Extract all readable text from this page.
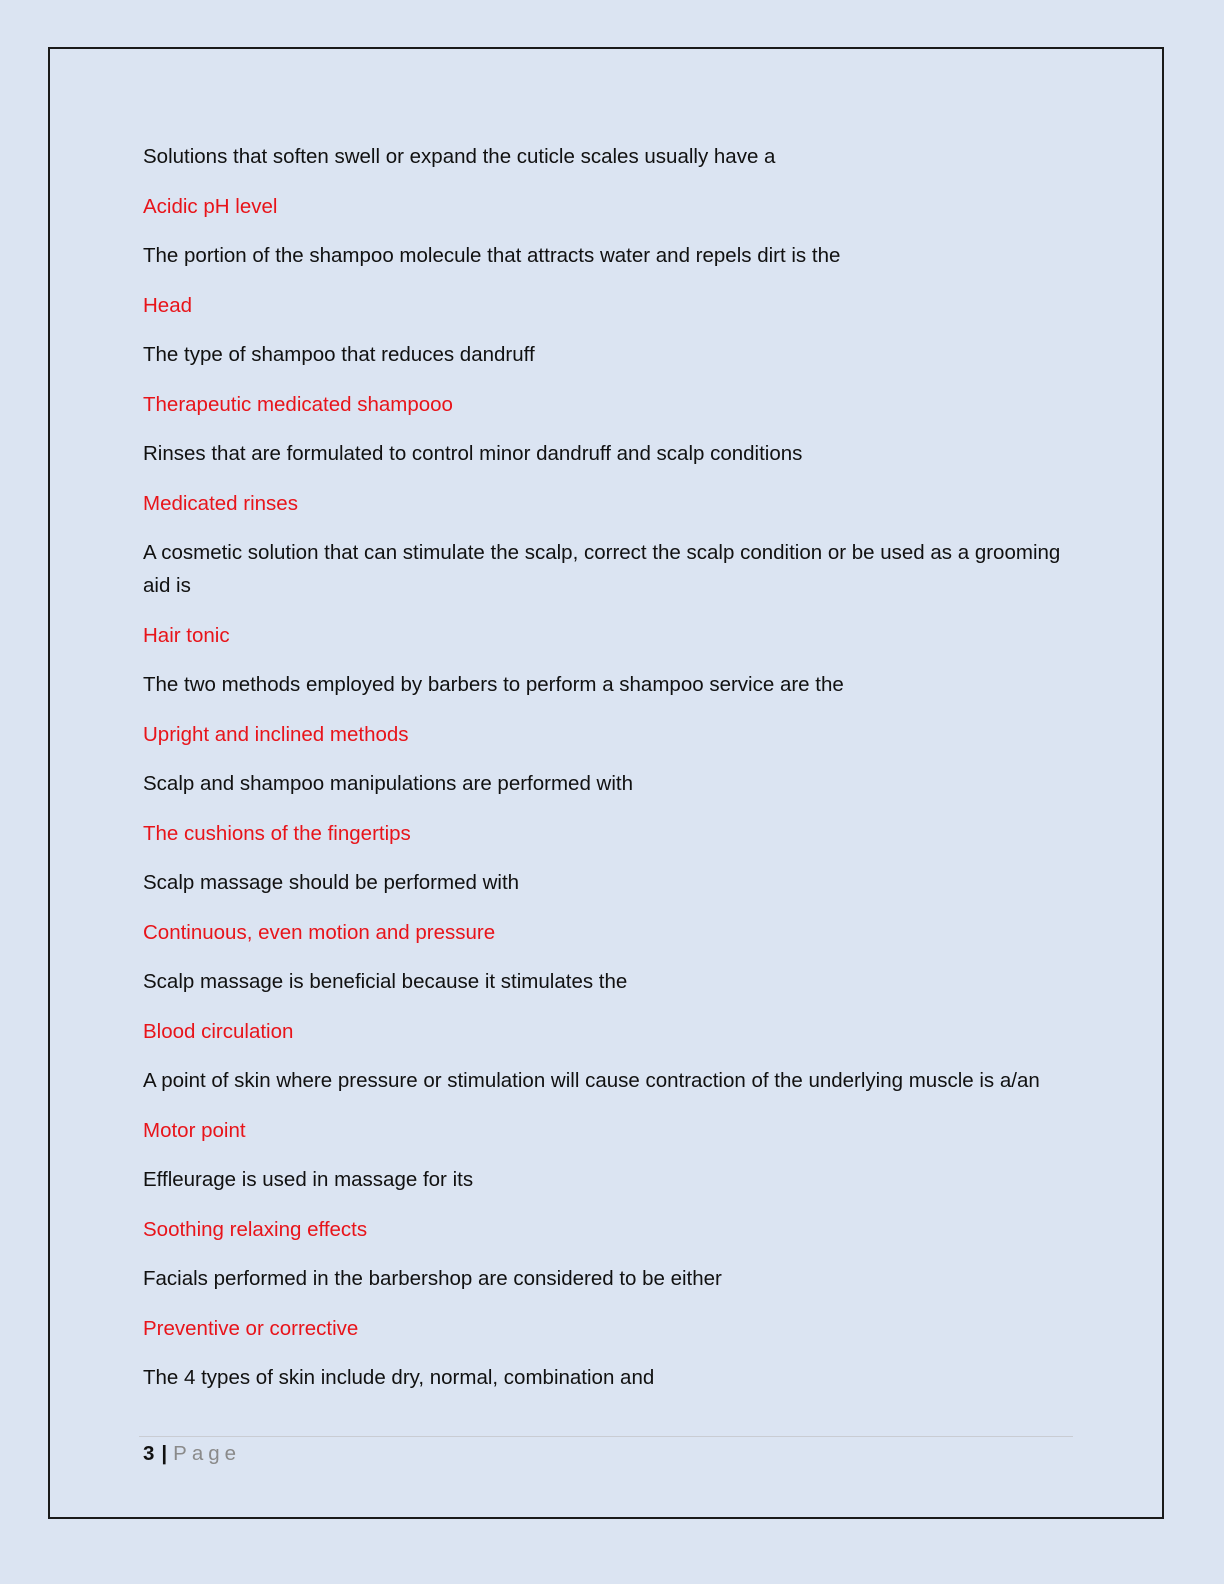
Solutions that soften swell or expand the cuticle scales usually have a

Acidic pH level

The portion of the shampoo molecule that attracts water and repels dirt is the

Head

The type of shampoo that reduces dandruff

Therapeutic medicated shampooo

Rinses that are formulated to control minor dandruff and scalp conditions

Medicated rinses

A cosmetic solution that can stimulate the scalp, correct the scalp condition or be used as a grooming aid is

Hair tonic

The two methods employed by barbers to perform a shampoo service are the

Upright and inclined methods

Scalp and shampoo manipulations are performed with

The cushions of the fingertips

Scalp massage should be performed with

Continuous, even motion and pressure

Scalp massage is beneficial because it stimulates the

Blood circulation

A point of skin where pressure or stimulation will cause contraction of the underlying muscle is a/an

Motor point

Effleurage is used in massage for its

Soothing relaxing effects

Facials performed in the barbershop are considered to be either

Preventive or corrective

The 4 types of skin include dry, normal, combination and

3 | Page
